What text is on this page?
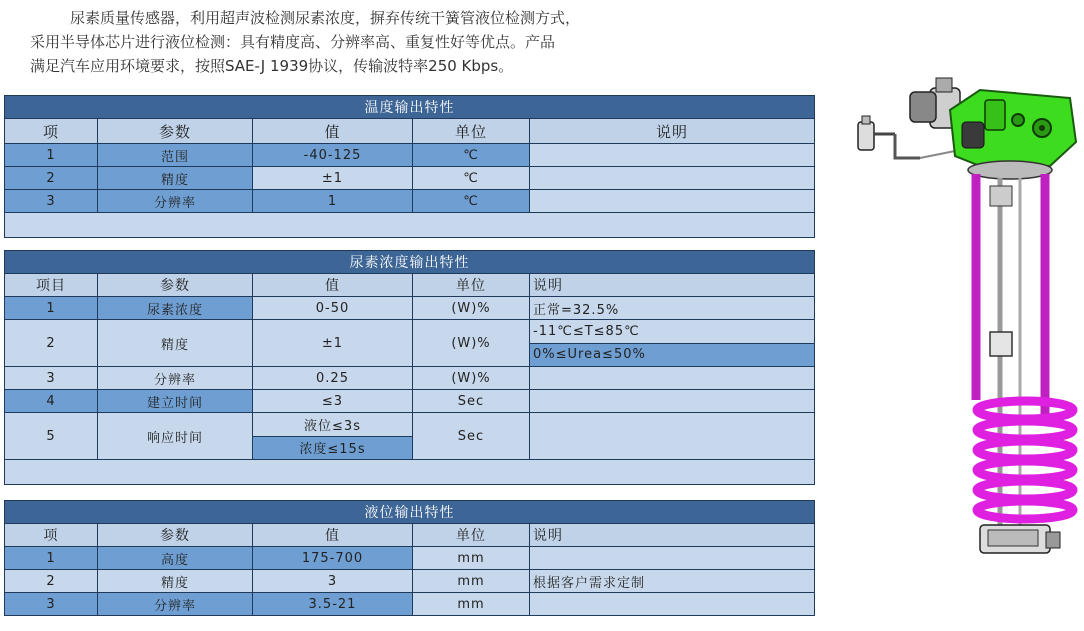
尿素质量传感器，利用超声波检测尿素浓度，摒弃传统干簧管液位检测方式，

采用半导体芯片进行液位检测：具有精度高、分辨率高、重复性好等优点。产品

满足汽车应用环境要求，按照SAE-J 1939协议，传输波特率250 Kbps。

温度输出特性				
项	参数	值	单位	说明
1	范围	-40-125	℃	
2	精度	±1	℃	
3	分辨率	1	℃	

尿素浓度输出特性				
项目	参数	值	单位	说明
1	尿素浓度	0-50	(W)%	正常=32.5%
2	精度	±1	(W)%	-11℃≤T≤85℃
				0%≤Urea≤50%
3	分辨率	0.25	(W)%	
4	建立时间	≤3	Sec	
5	响应时间	液位≤3s	Sec	
		浓度≤15s		

液位输出特性				
项	参数	值	单位	说明
1	高度	175-700	mm	
2	精度	3	mm	根据客户需求定制
3	分辨率	3.5-21	mm	
